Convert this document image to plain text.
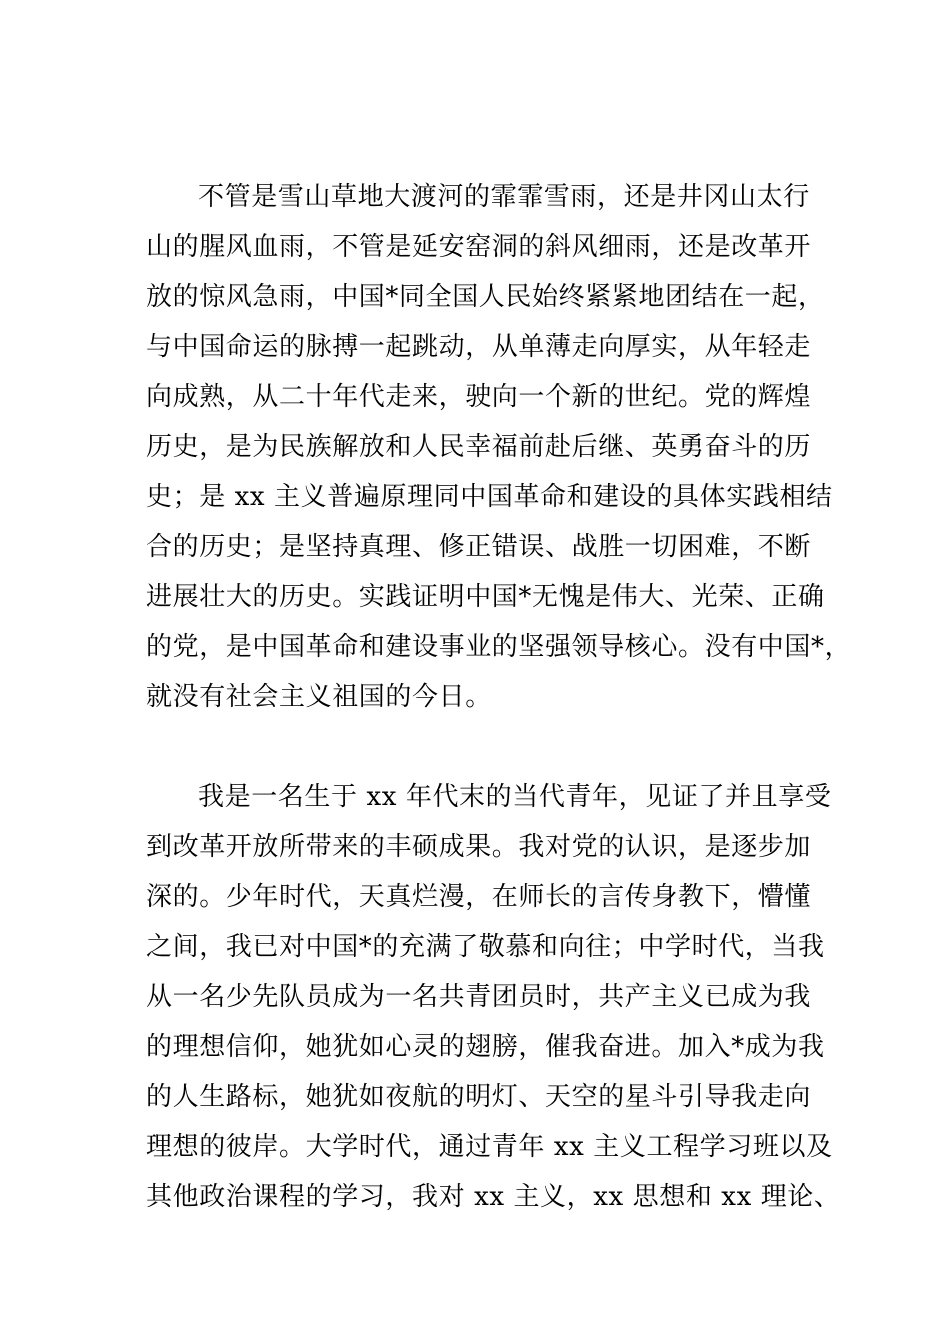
不管是雪山草地大渡河的霏霏雪雨，还是井冈山太行
山的腥风血雨，不管是延安窑洞的斜风细雨，还是改革开
放的惊风急雨，中国*同全国人民始终紧紧地团结在一起，
与中国命运的脉搏一起跳动，从单薄走向厚实，从年轻走
向成熟，从二十年代走来，驶向一个新的世纪。党的辉煌
历史，是为民族解放和人民幸福前赴后继、英勇奋斗的历
史；是 xx 主义普遍原理同中国革命和建设的具体实践相结
合的历史；是坚持真理、修正错误、战胜一切困难，不断
进展壮大的历史。实践证明中国*无愧是伟大、光荣、正确
的党，是中国革命和建设事业的坚强领导核心。没有中国*，
就没有社会主义祖国的今日。
我是一名生于 xx 年代末的当代青年，见证了并且享受
到改革开放所带来的丰硕成果。我对党的认识，是逐步加
深的。少年时代，天真烂漫，在师长的言传身教下，懵懂
之间，我已对中国*的充满了敬慕和向往；中学时代，当我
从一名少先队员成为一名共青团员时，共产主义已成为我
的理想信仰，她犹如心灵的翅膀，催我奋进。加入*成为我
的人生路标，她犹如夜航的明灯、天空的星斗引导我走向
理想的彼岸。大学时代，通过青年 xx 主义工程学习班以及
其他政治课程的学习，我对 xx 主义，xx 思想和 xx 理论、
